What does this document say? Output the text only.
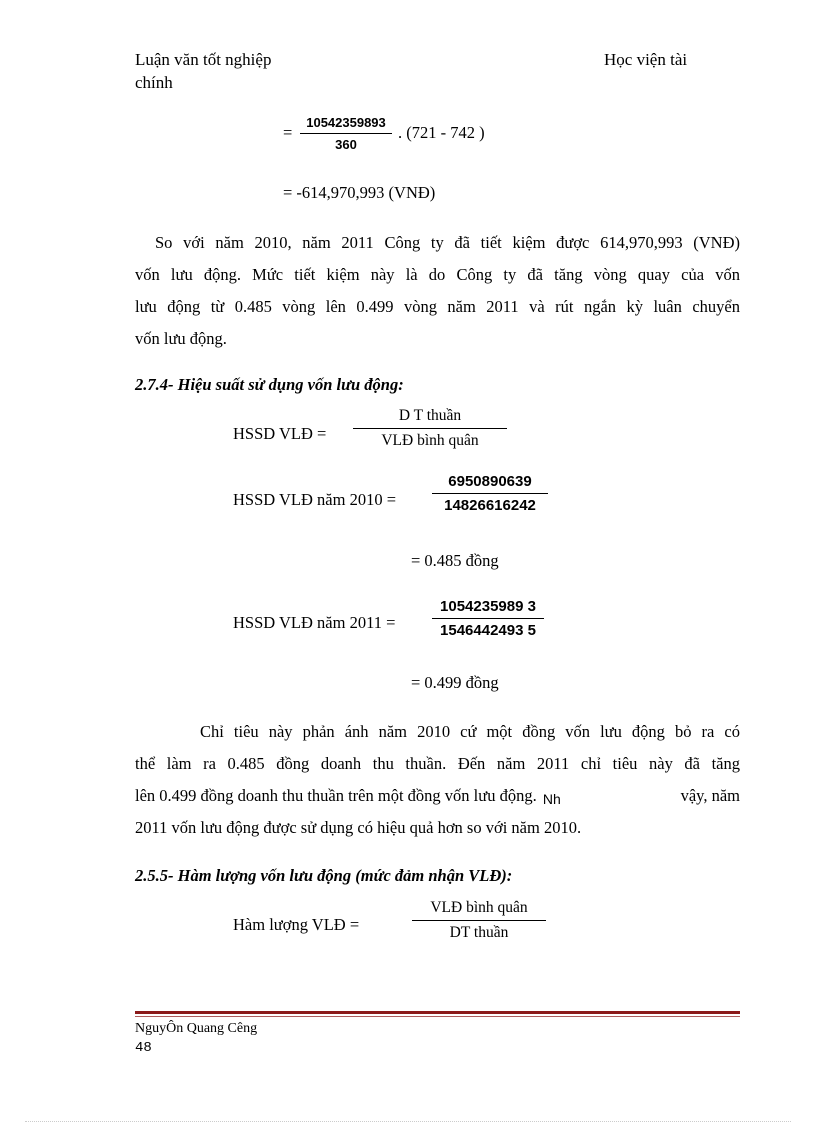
Luận văn tốt nghiệp
chính
Học viện tài
=
10542359893
360
. (721 - 742 )
= -614,970,993 (VNĐ)
So với năm 2010, năm 2011 Công ty đã tiết kiệm được 614,970,993 (VNĐ)
vốn lưu động. Mức tiết kiệm này là do Công ty đã tăng vòng quay của vốn
lưu động từ 0.485 vòng lên 0.499 vòng năm 2011 và rút ngắn kỳ luân chuyển
vốn lưu động.
2.7.4- Hiệu suất sử dụng vốn lưu động:
HSSD VLĐ =
D T thuần
VLĐ bình quân
HSSD VLĐ năm 2010 =
6950890639
14826616242
= 0.485 đồng
HSSD VLĐ năm 2011 =
1054235989 3
1546442493 5
= 0.499 đồng
Chỉ tiêu này phản ánh năm 2010 cứ một đồng vốn lưu động bỏ ra có
thể làm ra 0.485 đồng doanh thu thuần. Đến năm 2011 chỉ tiêu này đã tăng
lên 0.499 đồng doanh thu thuần trên một đồng vốn lưu động. Nh	vậy, năm
2011 vốn lưu động được sử dụng có hiệu quả hơn so với năm 2010.
2.5.5- Hàm lượng vốn lưu động (mức đảm nhận VLĐ):
Hàm lượng VLĐ =
VLĐ bình quân
DT thuần
NguyÔn Quang Cêng
48
